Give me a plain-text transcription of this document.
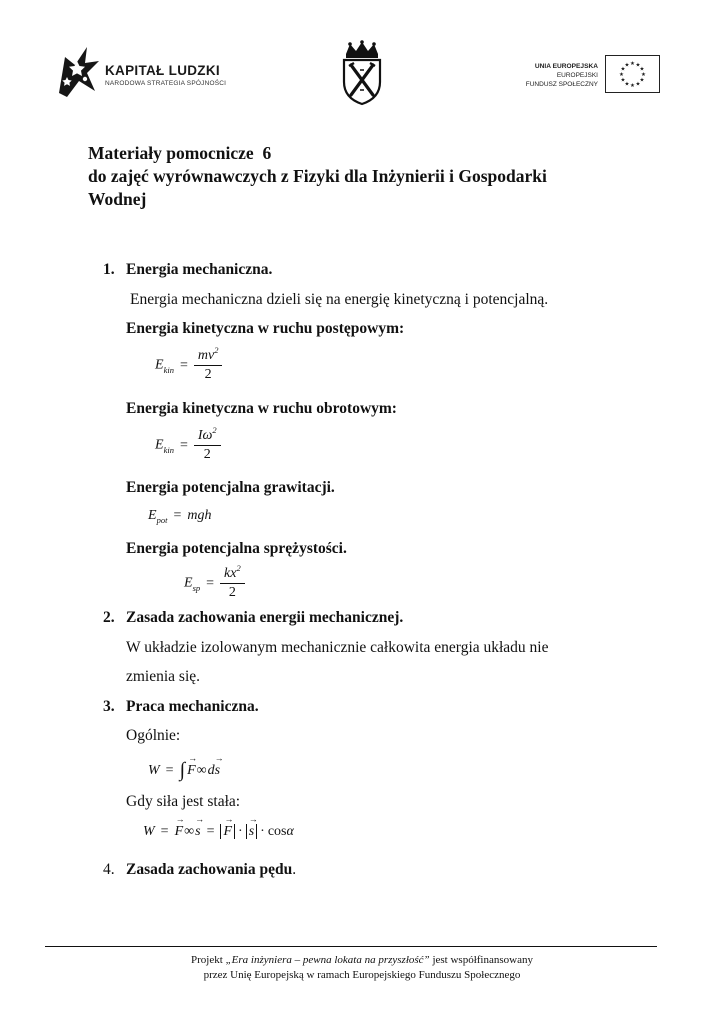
KAPITAŁ LUDZKI
NARODOWA STRATEGIA SPÓJNOŚCI
UNIA EUROPEJSKA
EUROPEJSKI
FUNDUSZ SPOŁECZNY
★ ★
★
★
★
★
★
★
★
★
★
★
Materiały pomocnicze  6
do zajęć wyrównawczych z Fizyki dla Inżynierii i Gospodarki
Wodnej
1. Energia mechaniczna.
Energia mechaniczna dzieli się na energię kinetyczną i potencjalną.
Energia kinetyczna w ruchu postępowym:
$E_{kin} = \frac{mv^2}{2}$
Energia kinetyczna w ruchu obrotowym:
$E_{kin} = \frac{I\omega^2}{2}$
Energia potencjalna grawitacji.
$E_{pot}$ = mgh
Energia potencjalna sprężystości.
$E_{sp} = \frac{kx^2}{2}$
2. Zasada zachowania energii mechanicznej.
W układzie izolowanym mechanicznie całkowita energia układu nie
zmienia się.
3. Praca mechaniczna.
Ogólnie:
W = ∫
→
F∞
→
ds
Gdy siła jest stała:
W =
→
F∞
→
s =
→
F ·
→
s · cosα
4. Zasada zachowania pędu.
Projekt „Era inżyniera – pewna lokata na przyszłość” jest współfinansowany
przez Unię Europejską w ramach Europejskiego Funduszu Społecznego
